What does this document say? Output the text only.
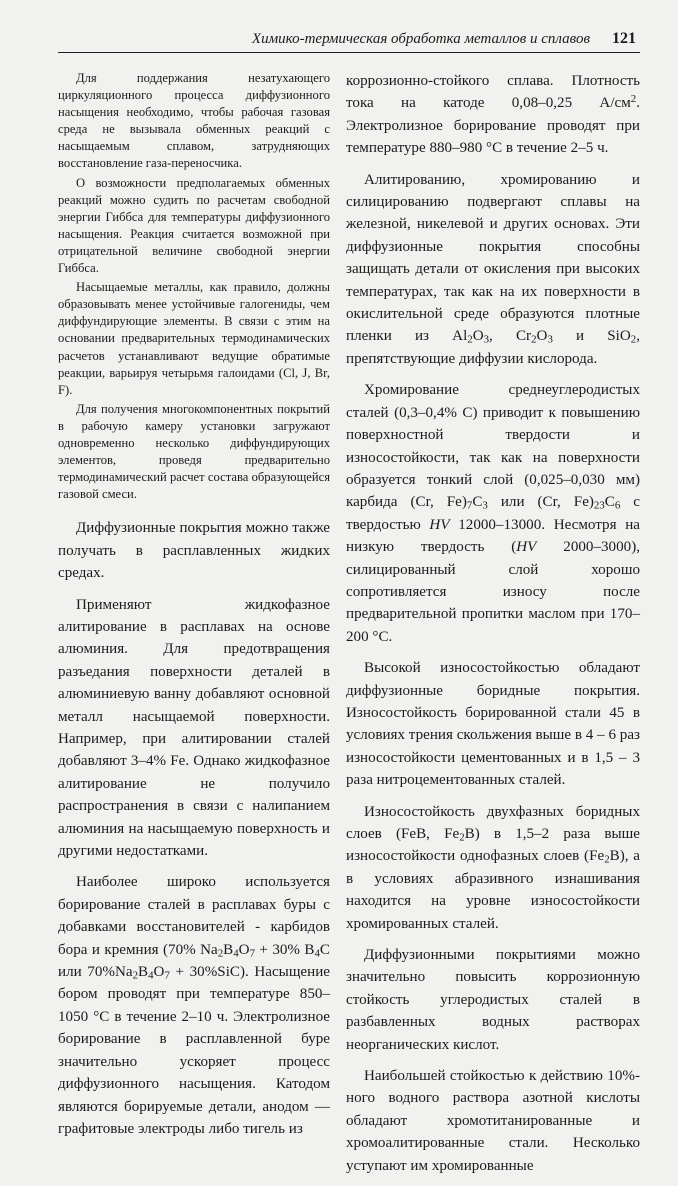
Химико-термическая обработка металлов и сплавов 121

Для поддержания незатухающего циркуляционного процесса диффузионного насыщения необходимо, чтобы рабочая газовая среда не вызывала обменных реакций с насыщаемым сплавом, затрудняющих восстановление газа-переносчика.

О возможности предполагаемых обменных реакций можно судить по расчетам свободной энергии Гиббса для температуры диффузионного насыщения. Реакция считается возможной при отрицательной величине свободной энергии Гиббса.

Насыщаемые металлы, как правило, должны образовывать менее устойчивые галогениды, чем диффундирующие элементы. В связи с этим на основании предварительных термодинамических расчетов устанавливают ведущие обратимые реакции, варьируя четырьмя галоидами (Cl, J, Br, F).

Для получения многокомпонентных покрытий в рабочую камеру установки загружают одновременно несколько диффундирующих элементов, проведя предварительно термодинамический расчет состава образующейся газовой смеси.

Диффузионные покрытия можно также получать в расплавленных жидких средах.

Применяют жидкофазное алитирование в расплавах на основе алюминия. Для предотвращения разъедания поверхности деталей в алюминиевую ванну добавляют основной металл насыщаемой поверхности. Например, при алитировании сталей добавляют 3–4% Fe. Однако жидкофазное алитирование не получило распространения в связи с налипанием алюминия на насыщаемую поверхность и другими недостатками.

Наиболее широко используется борирование сталей в расплавах буры с добавками восстановителей - карбидов бора и кремния (70% $Na_2B_4O_7 + 30\%$ $B_4C$ или $70\%Na_2B_4O_7 + 30\%SiC$). Насыщение бором проводят при температуре 850–1050 °C в течение 2–10 ч. Электролизное борирование в расплавленной буре значительно ускоряет процесс диффузионного насыщения. Катодом являются борируемые детали, анодом — графитовые электроды либо тигель из

коррозионно-стойкого сплава. Плотность тока на катоде 0,08–0,25 $А/см^2$. Электролизное борирование проводят при температуре 880–980 °C в течение 2–5 ч.

Алитированию, хромированию и силицированию подвергают сплавы на железной, никелевой и других основах. Эти диффузионные покрытия способны защищать детали от окисления при высоких температурах, так как на их поверхности в окислительной среде образуются плотные пленки из $Al_2O_3$, $Cr_2O_3$ и SiO$_2$, препятствующие диффузии кислорода.

Хромирование среднеуглеродистых сталей (0,3–0,4% C) приводит к повышению поверхностной твердости и износостойкости, так как на поверхности образуется тонкий слой (0,025–0,030 мм) карбида (Cr, $Fe)_7C_3$ или (Cr, $Fe)_{23}C_6$ с твердостью HV 12000–13000. Несмотря на низкую твердость (HV 2000–3000), силицированный слой хорошо сопротивляется износу после предварительной пропитки маслом при 170–200 °C.

Высокой износостойкостью обладают диффузионные боридные покрытия. Износостойкость борированной стали 45 в условиях трения скольжения выше в 4 – 6 раз износостойкости цементованных и в 1,5 – 3 раза нитроцементованных сталей.

Износостойкость двухфазных боридных слоев (FeB, $Fe_2B$) в 1,5–2 раза выше износостойкости однофазных слоев $(Fe_2B)$, а в условиях абразивного изнашивания находится на уровне износостойкости хромированных сталей.

Диффузионными покрытиями можно значительно повысить коррозионную стойкость углеродистых сталей в разбавленных водных растворах неорганических кислот.

Наибольшей стойкостью к действию 10%-ного водного раствора азотной кислоты обладают хромотитанированные и хромоалитированные стали. Несколько уступают им хромированные
